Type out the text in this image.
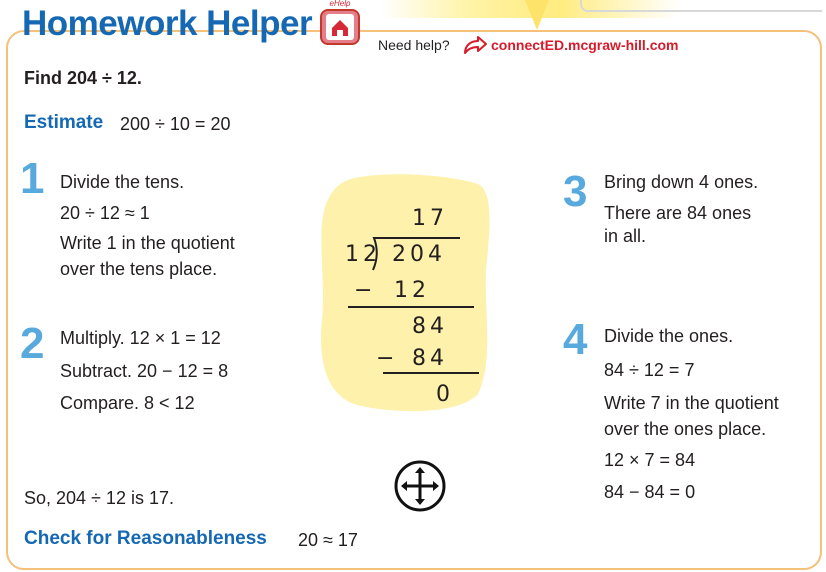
Homework Helper
eHelp
Need help?	connectED.mcgraw-hill.com
Find 204 ÷ 12.
Estimate 200 ÷ 10 = 20
1 Divide the tens.
20 ÷ 12 ≈ 1
Write 1 in the quotient
over the tens place.
2 Multiply. 12 × 1 = 12
Subtract. 20 − 12 = 8
Compare. 8 < 12
3 Bring down 4 ones.
There are 84 ones
in all.
4 Divide the ones.
84 ÷ 12 = 7
Write 7 in the quotient
over the ones place.
12 × 7 = 84
84 − 84 = 0
17
12 204
− 12
84
− 84
0
So, 204 ÷ 12 is 17.
Check for Reasonableness 20 ≈ 17
